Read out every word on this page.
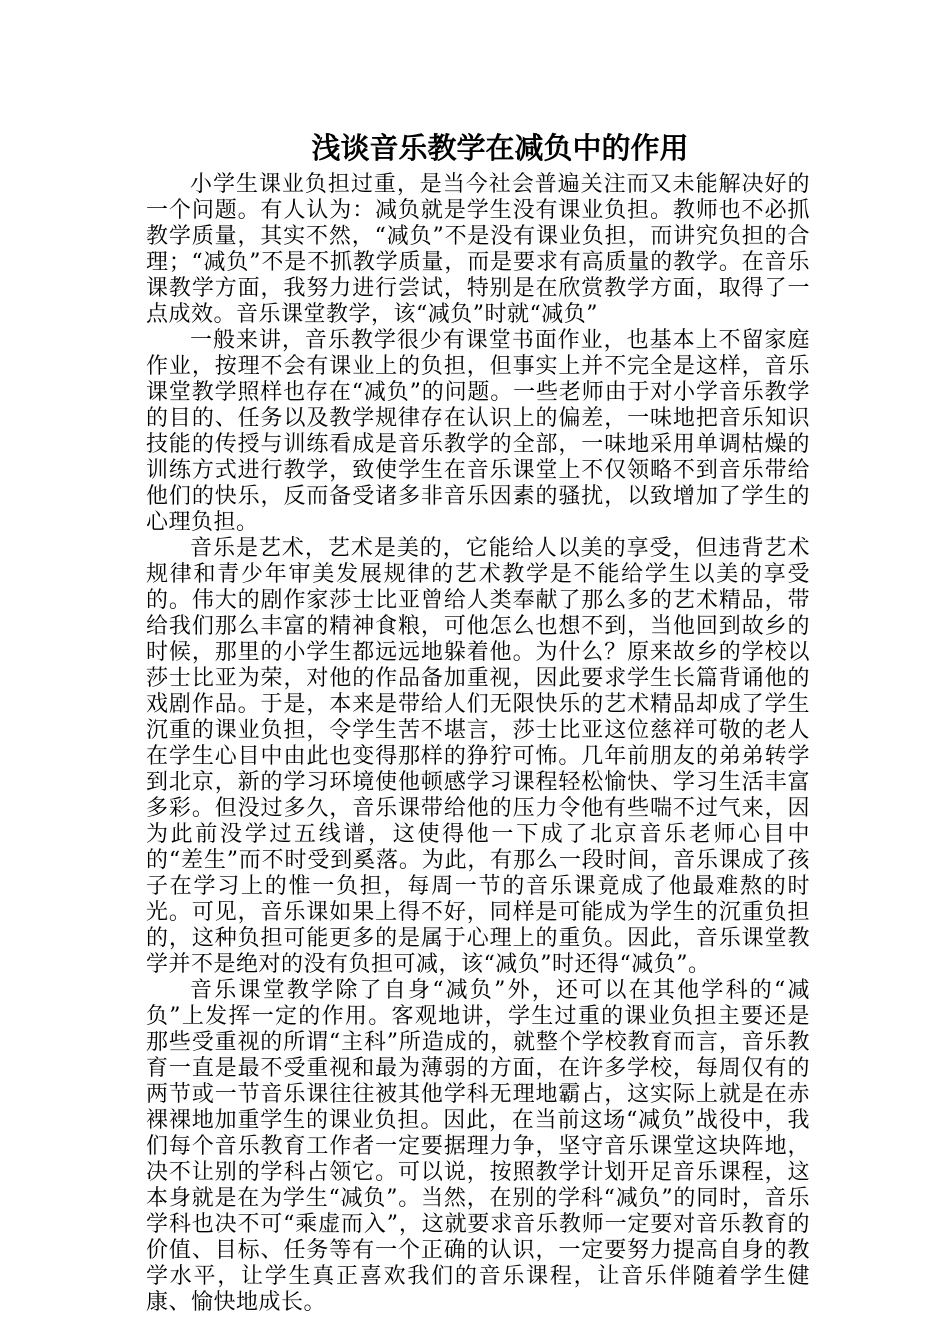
浅谈音乐教学在减负中的作用

小学生课业负担过重，是当今社会普遍关注而又未能解决好的一个问题。有人认为：减负就是学生没有课业负担。教师也不必抓教学质量，其实不然，“减负”不是没有课业负担，而讲究负担的合理；“减负”不是不抓教学质量，而是要求有高质量的教学。在音乐课教学方面，我努力进行尝试，特别是在欣赏教学方面，取得了一点成效。音乐课堂教学，该“减负”时就“减负”

一般来讲，音乐教学很少有课堂书面作业，也基本上不留家庭作业，按理不会有课业上的负担，但事实上并不完全是这样，音乐课堂教学照样也存在“减负”的问题。一些老师由于对小学音乐教学的目的、任务以及教学规律存在认识上的偏差，一味地把音乐知识技能的传授与训练看成是音乐教学的全部，一味地采用单调枯燥的训练方式进行教学，致使学生在音乐课堂上不仅领略不到音乐带给他们的快乐，反而备受诸多非音乐因素的骚扰，以致增加了学生的心理负担。

音乐是艺术，艺术是美的，它能给人以美的享受，但违背艺术规律和青少年审美发展规律的艺术教学是不能给学生以美的享受的。伟大的剧作家莎士比亚曾给人类奉献了那么多的艺术精品，带给我们那么丰富的精神食粮，可他怎么也想不到，当他回到故乡的时候，那里的小学生都远远地躲着他。为什么？原来故乡的学校以莎士比亚为荣，对他的作品备加重视，因此要求学生长篇背诵他的戏剧作品。于是，本来是带给人们无限快乐的艺术精品却成了学生沉重的课业负担，令学生苦不堪言，莎士比亚这位慈祥可敬的老人在学生心目中由此也变得那样的狰狞可怖。几年前朋友的弟弟转学到北京，新的学习环境使他顿感学习课程轻松愉快、学习生活丰富多彩。但没过多久，音乐课带给他的压力令他有些喘不过气来，因为此前没学过五线谱，这使得他一下成了北京音乐老师心目中的“差生”而不时受到奚落。为此，有那么一段时间，音乐课成了孩子在学习上的惟一负担，每周一节的音乐课竟成了他最难熬的时光。可见，音乐课如果上得不好，同样是可能成为学生的沉重负担的，这种负担可能更多的是属于心理上的重负。因此，音乐课堂教学并不是绝对的没有负担可减，该“减负”时还得“减负”。

音乐课堂教学除了自身“减负”外，还可以在其他学科的“减负”上发挥一定的作用。客观地讲，学生过重的课业负担主要还是那些受重视的所谓“主科”所造成的，就整个学校教育而言，音乐教育一直是最不受重视和最为薄弱的方面，在许多学校，每周仅有的两节或一节音乐课往往被其他学科无理地霸占，这实际上就是在赤裸裸地加重学生的课业负担。因此，在当前这场“减负”战役中，我们每个音乐教育工作者一定要据理力争，坚守音乐课堂这块阵地，决不让别的学科占领它。可以说，按照教学计划开足音乐课程，这本身就是在为学生“减负”。当然，在别的学科“减负”的同时，音乐学科也决不可“乘虚而入”，这就要求音乐教师一定要对音乐教育的价值、目标、任务等有一个正确的认识，一定要努力提高自身的教学水平，让学生真正喜欢我们的音乐课程，让音乐伴随着学生健康、愉快地成长。
